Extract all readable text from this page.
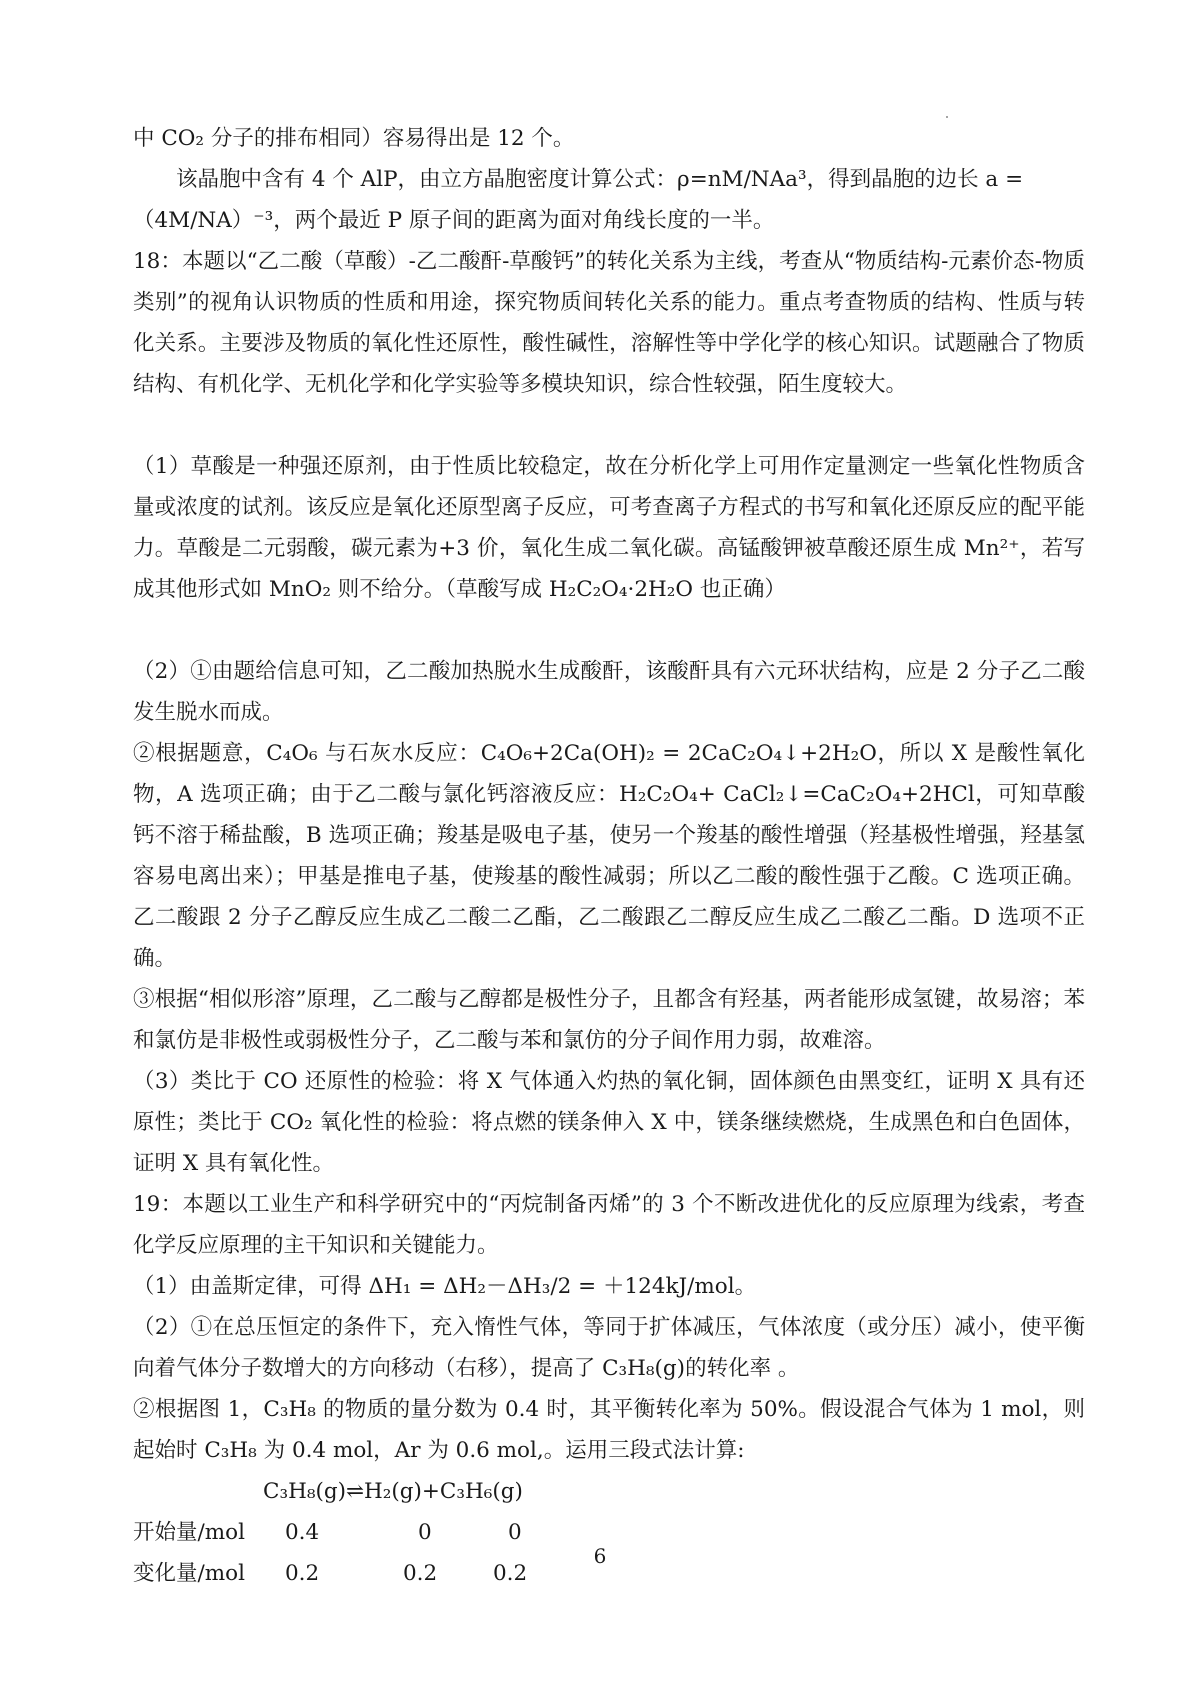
中 CO₂ 分子的排布相同）容易得出是 12 个。

该晶胞中含有 4 个 AlP，由立方晶胞密度计算公式：ρ=nM/NAa³，得到晶胞的边长 a =

（4M/NA）⁻³，两个最近 P 原子间的距离为面对角线长度的一半。

18：本题以“乙二酸（草酸）-乙二酸酐-草酸钙”的转化关系为主线，考查从“物质结构-元素价态-物质类别”的视角认识物质的性质和用途，探究物质间转化关系的能力。重点考查物质的结构、性质与转化关系。主要涉及物质的氧化性还原性，酸性碱性，溶解性等中学化学的核心知识。试题融合了物质结构、有机化学、无机化学和化学实验等多模块知识，综合性较强，陌生度较大。

（1）草酸是一种强还原剂，由于性质比较稳定，故在分析化学上可用作定量测定一些氧化性物质含量或浓度的试剂。该反应是氧化还原型离子反应，可考查离子方程式的书写和氧化还原反应的配平能力。草酸是二元弱酸，碳元素为+3 价，氧化生成二氧化碳。高锰酸钾被草酸还原生成 Mn²⁺，若写成其他形式如 MnO₂ 则不给分。（草酸写成 H₂C₂O₄·2H₂O 也正确）

（2）①由题给信息可知，乙二酸加热脱水生成酸酐，该酸酐具有六元环状结构，应是 2 分子乙二酸发生脱水而成。

②根据题意，C₄O₆ 与石灰水反应：C₄O₆+2Ca(OH)₂ = 2CaC₂O₄↓+2H₂O，所以 X 是酸性氧化物，A 选项正确；由于乙二酸与氯化钙溶液反应：H₂C₂O₄+ CaCl₂↓=CaC₂O₄+2HCl，可知草酸钙不溶于稀盐酸，B 选项正确；羧基是吸电子基，使另一个羧基的酸性增强（羟基极性增强，羟基氢容易电离出来）；甲基是推电子基，使羧基的酸性减弱；所以乙二酸的酸性强于乙酸。C 选项正确。乙二酸跟 2 分子乙醇反应生成乙二酸二乙酯，乙二酸跟乙二醇反应生成乙二酸乙二酯。D 选项不正确。

③根据“相似形溶”原理，乙二酸与乙醇都是极性分子，且都含有羟基，两者能形成氢键，故易溶；苯和氯仿是非极性或弱极性分子，乙二酸与苯和氯仿的分子间作用力弱，故难溶。

（3）类比于 CO 还原性的检验：将 X 气体通入灼热的氧化铜，固体颜色由黑变红，证明 X 具有还原性；类比于 CO₂ 氧化性的检验：将点燃的镁条伸入 X 中，镁条继续燃烧，生成黑色和白色固体，证明 X 具有氧化性。

19：本题以工业生产和科学研究中的“丙烷制备丙烯”的 3 个不断改进优化的反应原理为线索，考查化学反应原理的主干知识和关键能力。

（1）由盖斯定律，可得 ΔH₁ = ΔH₂－ΔH₃/2 = ＋124kJ/mol。

（2）①在总压恒定的条件下，充入惰性气体，等同于扩体减压，气体浓度（或分压）减小，使平衡向着气体分子数增大的方向移动（右移），提高了 C₃H₈(g)的转化率 。

②根据图 1，C₃H₈ 的物质的量分数为 0.4 时，其平衡转化率为 50%。假设混合气体为 1 mol，则起始时 C₃H₈ 为 0.4 mol，Ar 为 0.6 mol,。运用三段式法计算:

C₃H₈(g)⇌H₂(g)+C₃H₆(g)
开始量/mol 0.4	0	0
变化量/mol 0.2	0.2	0.2
6
